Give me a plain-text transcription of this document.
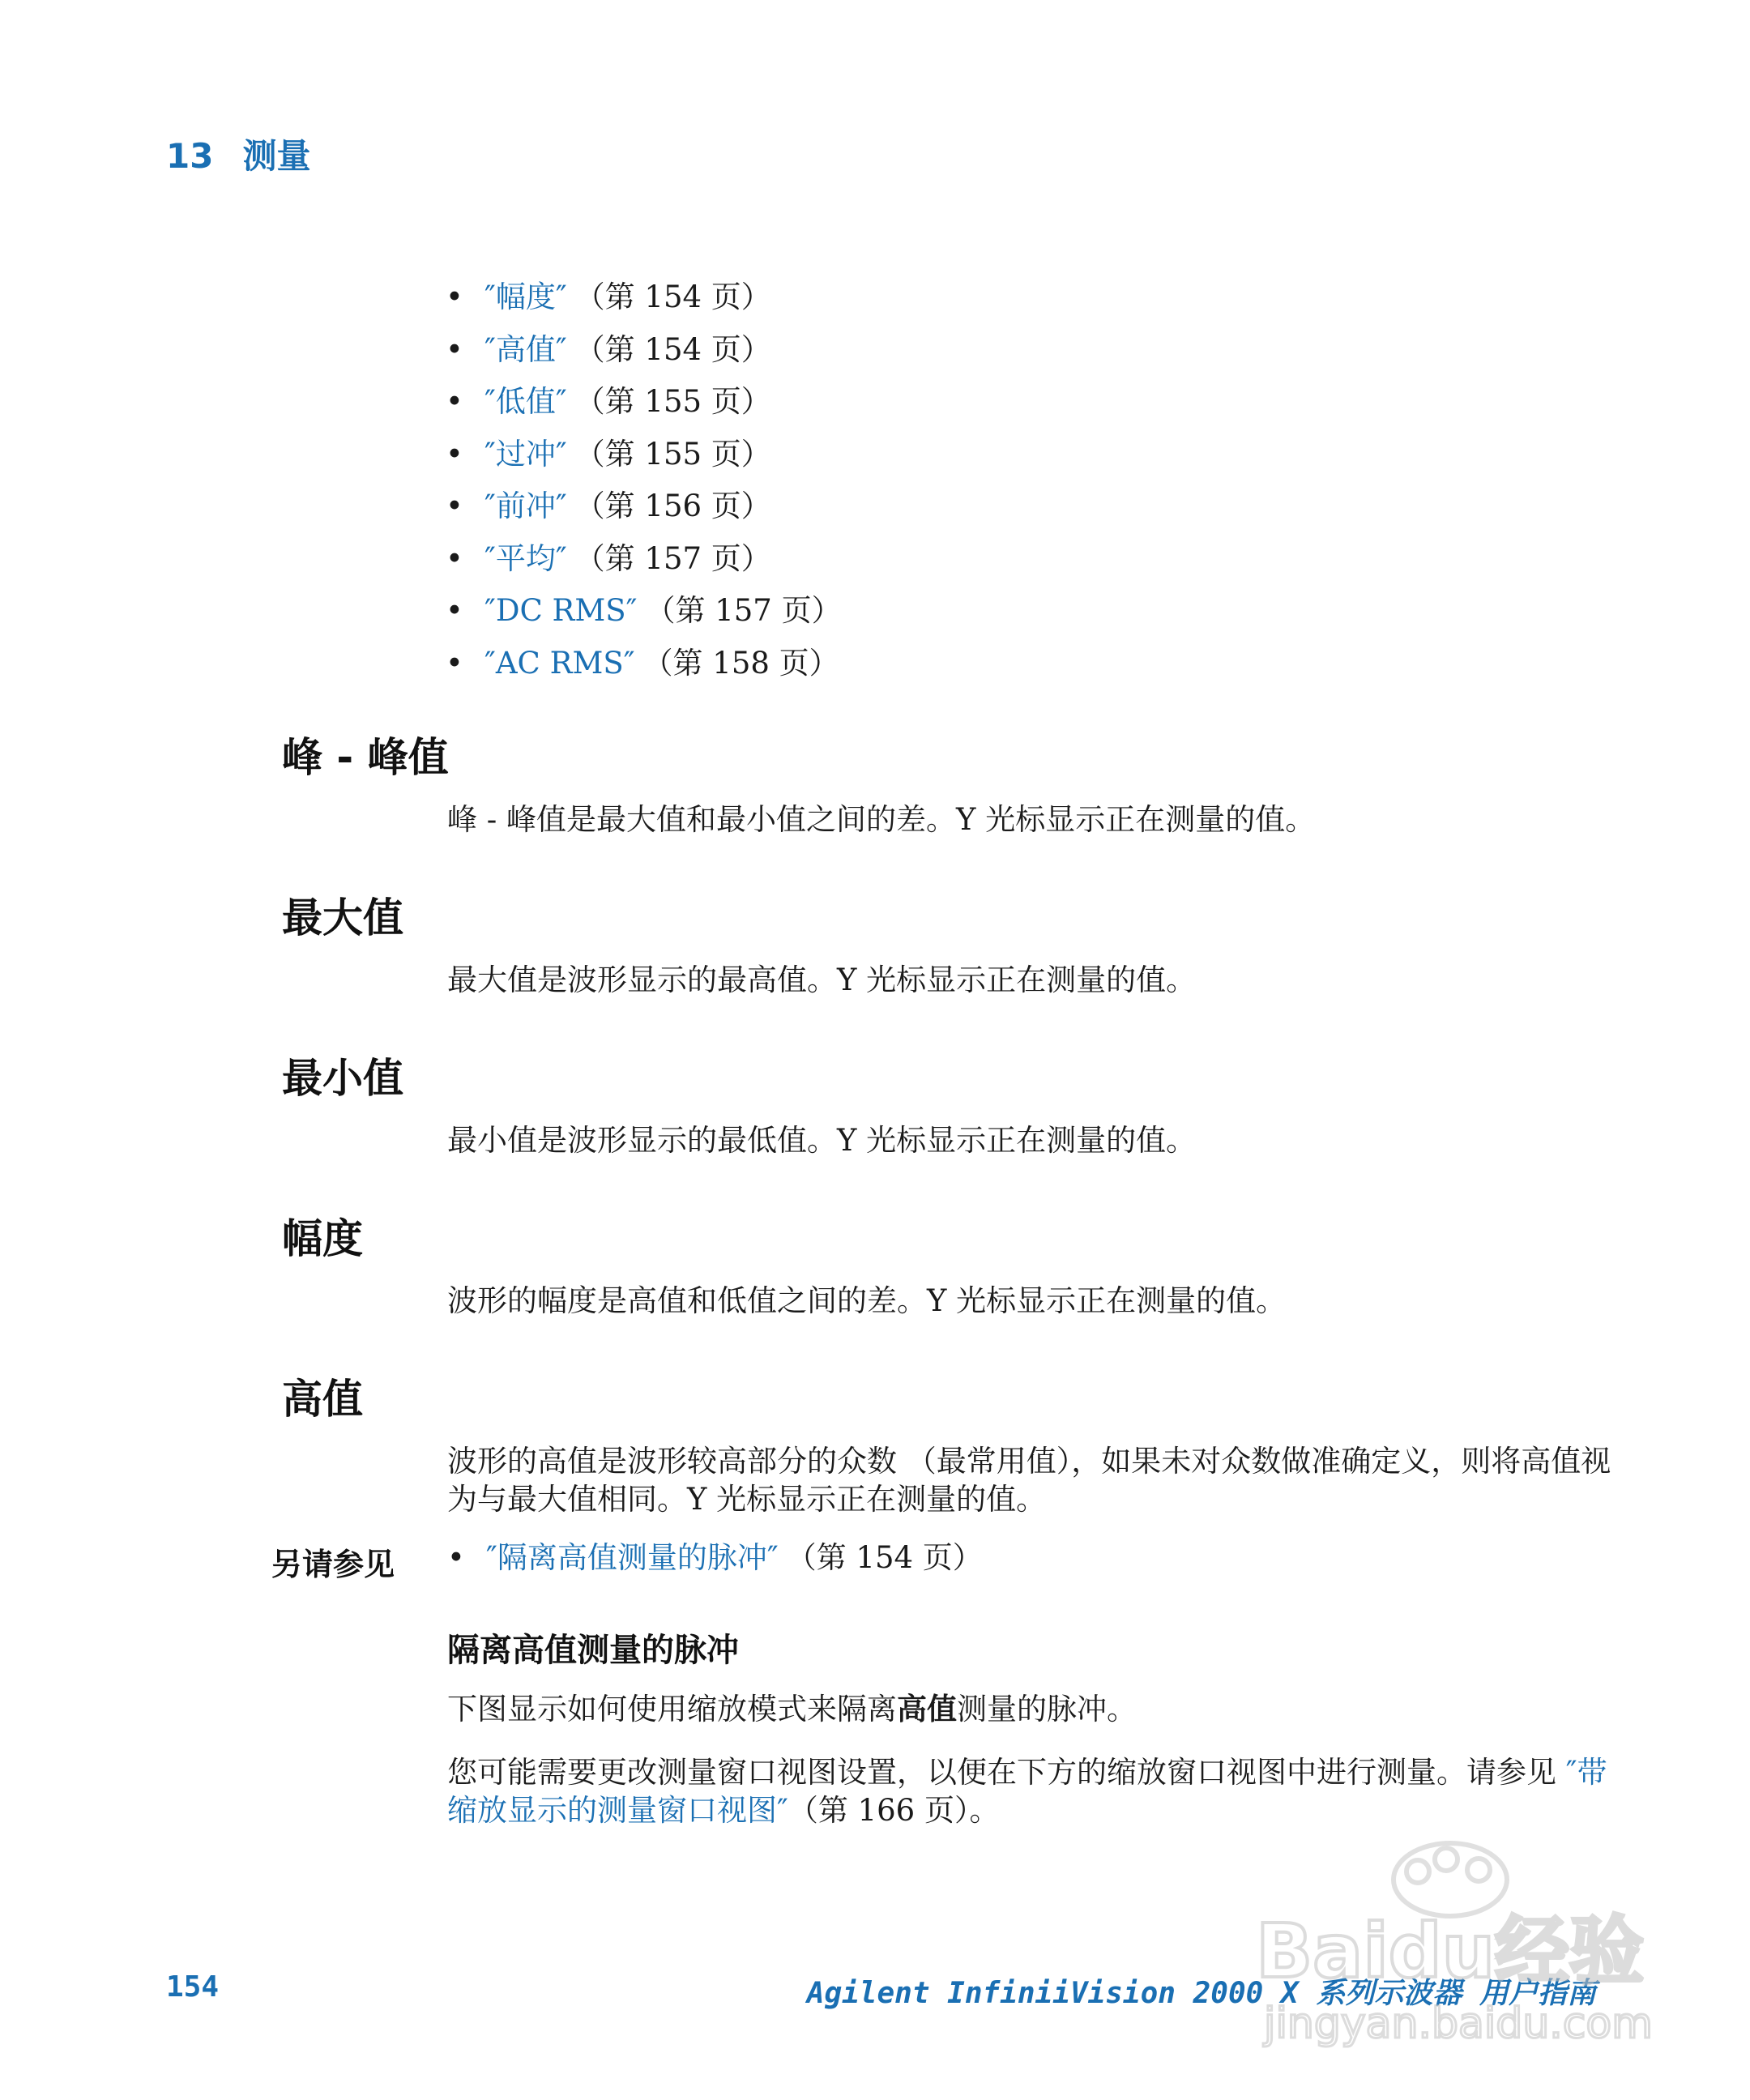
13 测量
• ″幅度″ （第 154 页）
• ″高值″ （第 154 页）
• ″低值″ （第 155 页）
• ″过冲″ （第 155 页）
• ″前冲″ （第 156 页）
• ″平均″ （第 157 页）
• ″DC RMS″ （第 157 页）
• ″AC RMS″ （第 158 页）
峰 - 峰值

峰 - 峰值是最大值和最小值之间的差。Y 光标显示正在测量的值。

最大值

最大值是波形显示的最高值。Y 光标显示正在测量的值。

最小值

最小值是波形显示的最低值。Y 光标显示正在测量的值。

幅度

波形的幅度是高值和低值之间的差。Y 光标显示正在测量的值。

高值

波形的高值是波形较高部分的众数 （最常用值），如果未对众数做准确定义，则将高值视为与最大值相同。Y 光标显示正在测量的值。

另请参见 • ″隔离高值测量的脉冲″ （第 154 页）
隔离高值测量的脉冲

下图显示如何使用缩放模式来隔离高值测量的脉冲。

您可能需要更改测量窗口视图设置，以便在下方的缩放窗口视图中进行测量。请参见 ″带缩放显示的测量窗口视图″（第 166 页）。

154	Agilent InfiniiVision 2000 X 系列示波器 用户指南
Baidu经验
jingyan.baidu.com
